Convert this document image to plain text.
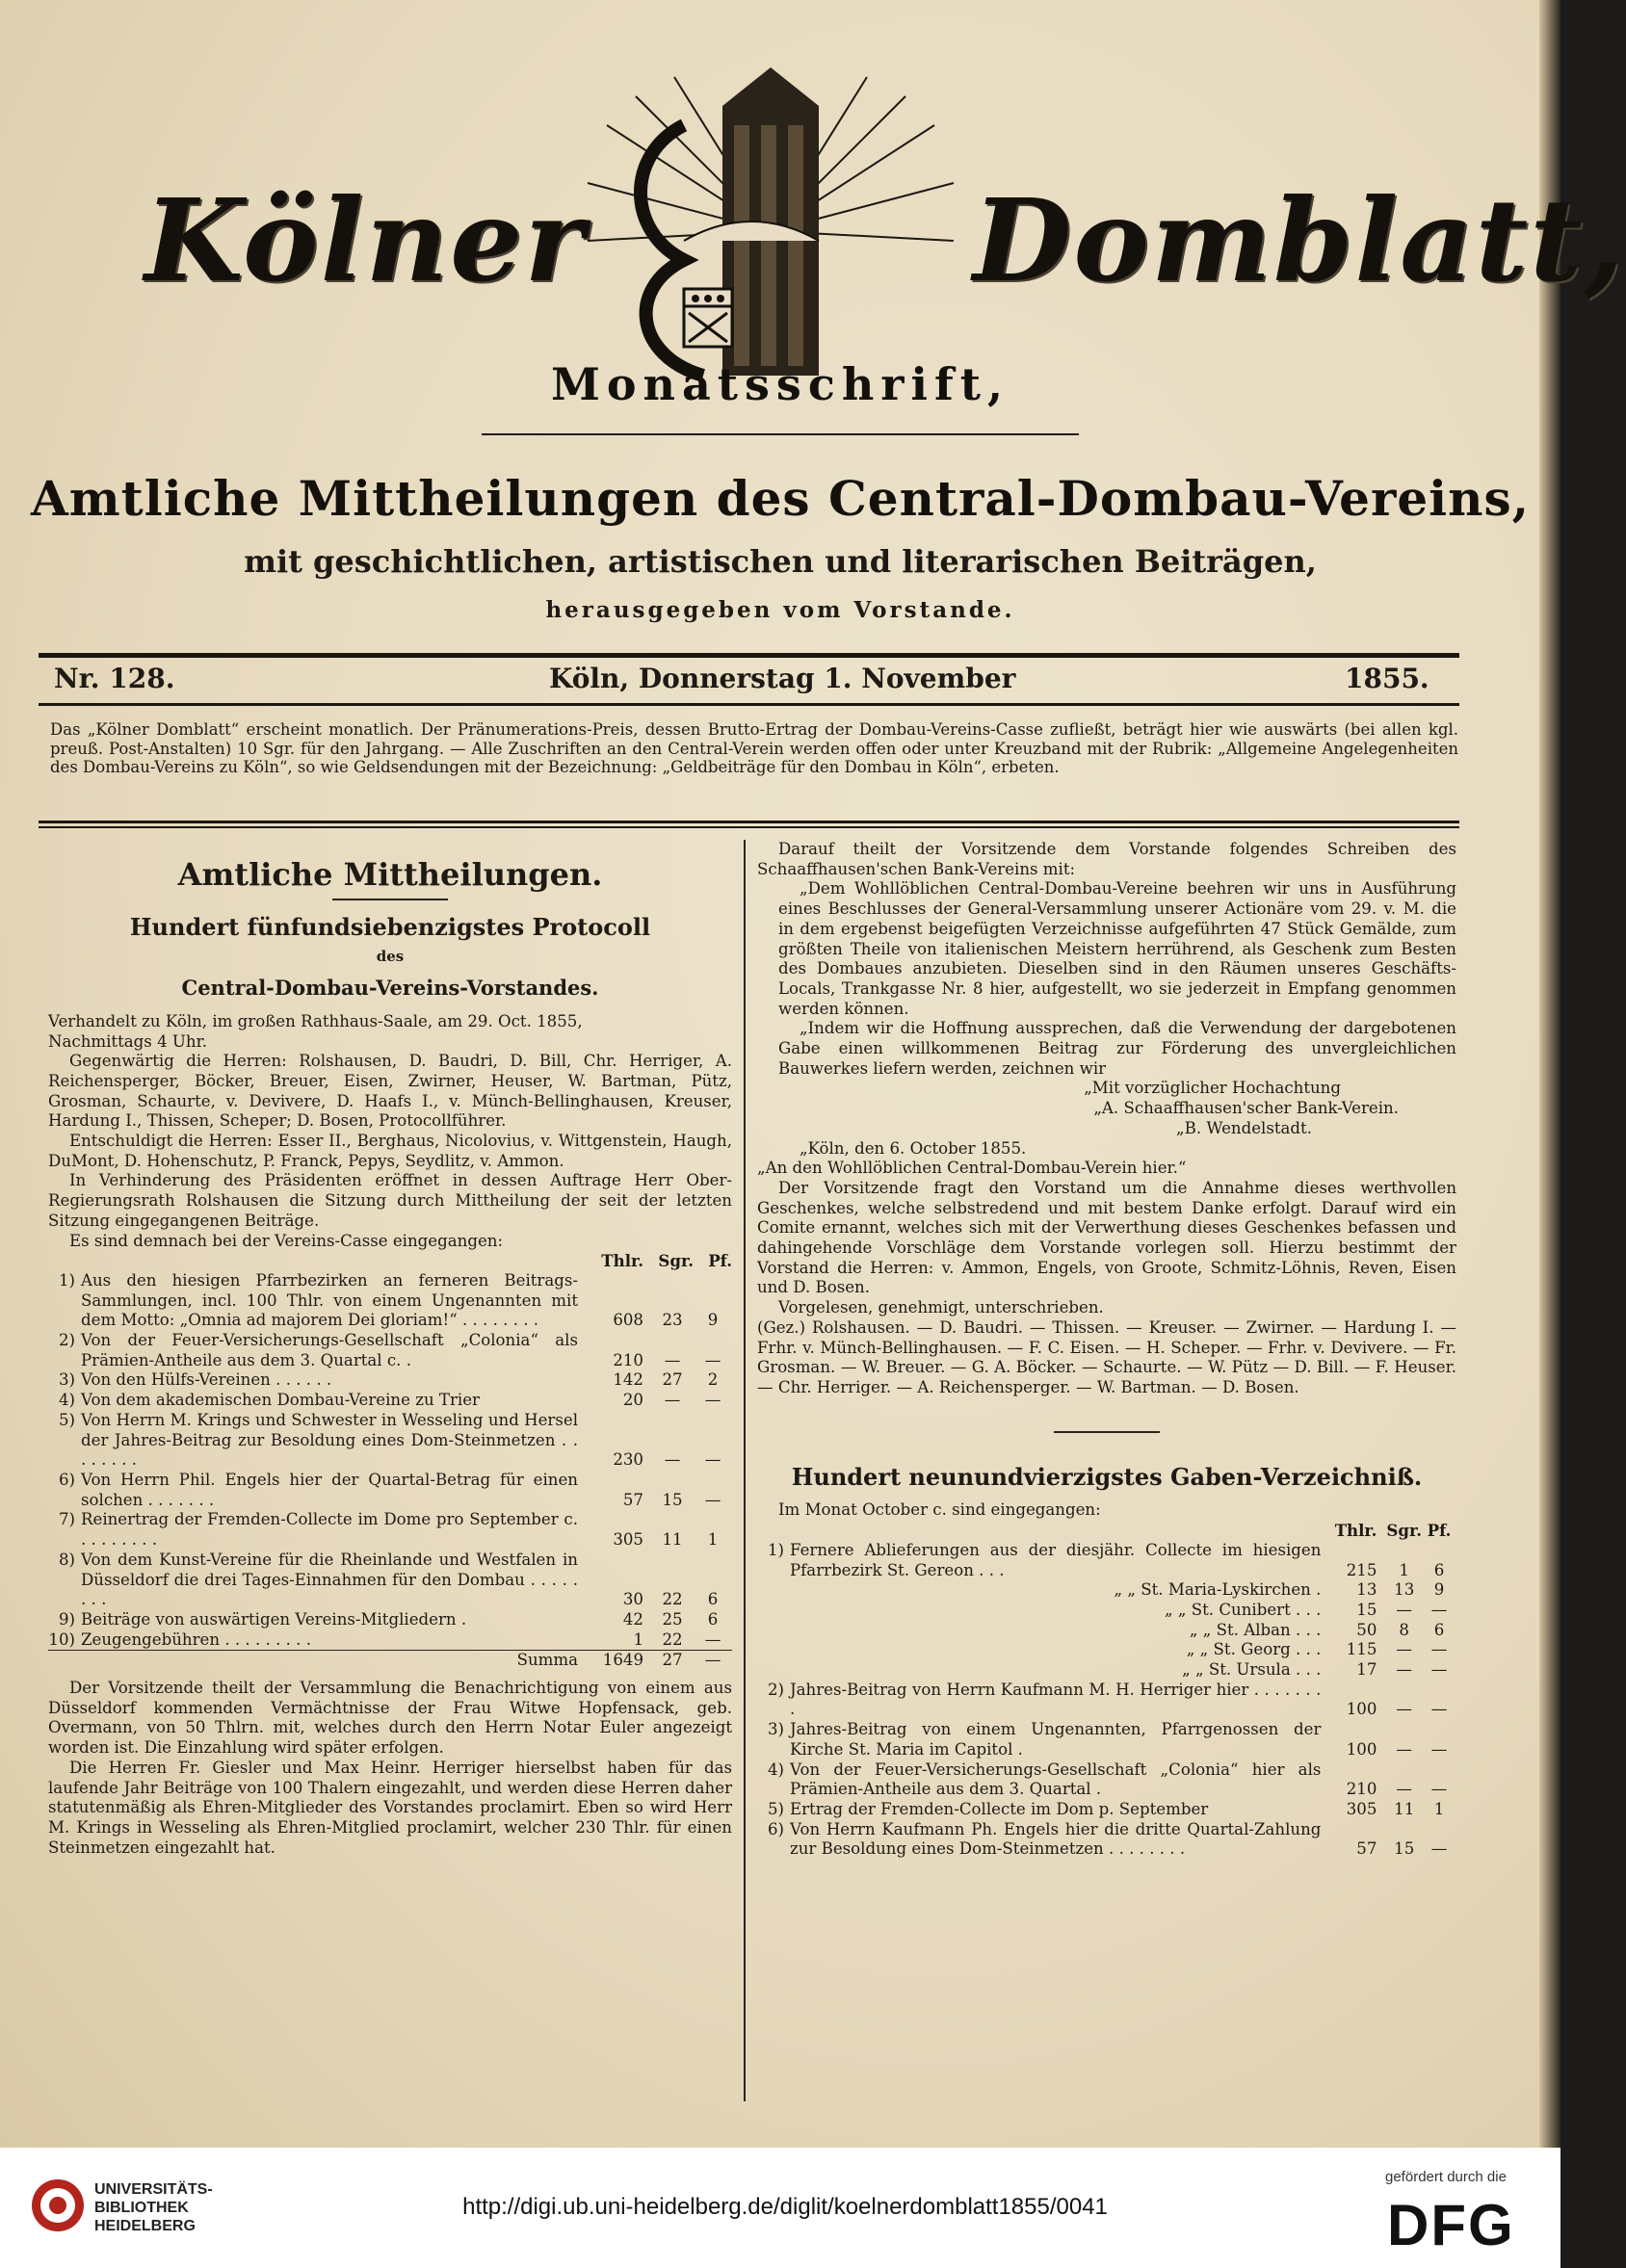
Kölner	Domblatt,
Monatsschrift,
Amtliche Mittheilungen des Central-Dombau-Vereins,
mit geschichtlichen, artistischen und literarischen Beiträgen,
herausgegeben vom Vorstande.
Nr. 128.	Köln, Donnerstag 1. November	1855.
Das „Kölner Domblatt“ erscheint monatlich. Der Pränumerations-Preis, dessen Brutto-Ertrag der Dombau-Vereins-Casse zufließt, beträgt hier wie auswärts (bei allen kgl. preuß. Post-Anstalten) 10 Sgr. für den Jahrgang. — Alle Zuschriften an den Central-Verein werden offen oder unter Kreuzband mit der Rubrik: „Allgemeine Angelegenheiten des Dombau-Vereins zu Köln“, so wie Geldsendungen mit der Bezeichnung: „Geldbeiträge für den Dombau in Köln“, erbeten.
Amtliche Mittheilungen.
Hundert fünfundsiebenzigstes Protocoll
des
Central-Dombau-Vereins-Vorstandes.

Verhandelt zu Köln, im großen Rathhaus-Saale, am 29. Oct. 1855,

Nachmittags 4 Uhr.

Gegenwärtig die Herren: Rolshausen, D. Baudri, D. Bill, Chr. Herriger, A. Reichensperger, Böcker, Breuer, Eisen, Zwirner, Heuser, W. Bartman, Pütz, Grosman, Schaurte, v. Devivere, D. Haafs I., v. Münch-Bellinghausen, Kreuser, Hardung I., Thissen, Scheper; D. Bosen, Protocollführer.

Entschuldigt die Herren: Esser II., Berghaus, Nicolovius, v. Wittgenstein, Haugh, DuMont, D. Hohenschutz, P. Franck, Pepys, Seydlitz, v. Ammon.

In Verhinderung des Präsidenten eröffnet in dessen Auftrage Herr Ober-Regierungsrath Rolshausen die Sitzung durch Mittheilung der seit der letzten Sitzung eingegangenen Beiträge.

Es sind demnach bei der Vereins-Casse eingegangen:

		Thlr.	Sgr.	Pf.
1)	Aus den hiesigen Pfarrbezirken an ferneren Beitrags-Sammlungen, incl. 100 Thlr. von einem Ungenannten mit dem Motto: „Omnia ad majorem Dei gloriam!“ . . . . . . . .	608	23	9
2)	Von der Feuer-Versicherungs-Gesellschaft „Colonia“ als Prämien-Antheile aus dem 3. Quartal c. .	210	—	—
3)	Von den Hülfs-Vereinen . . . . . .	142	27	2
4)	Von dem akademischen Dombau-Vereine zu Trier	20	—	—
5)	Von Herrn M. Krings und Schwester in Wesseling und Hersel der Jahres-Beitrag zur Besoldung eines Dom-Steinmetzen . . . . . . . .	230	—	—
6)	Von Herrn Phil. Engels hier der Quartal-Betrag für einen solchen . . . . . . .	57	15	—
7)	Reinertrag der Fremden-Collecte im Dome pro September c. . . . . . . . .	305	11	1
8)	Von dem Kunst-Vereine für die Rheinlande und Westfalen in Düsseldorf die drei Tages-Einnahmen für den Dombau . . . . . . . .	30	22	6
9)	Beiträge von auswärtigen Vereins-Mitgliedern .	42	25	6
10)	Zeugengebühren . . . . . . . . .	1	22	—
	Summa	1649	27	—

Der Vorsitzende theilt der Versammlung die Benachrichtigung von einem aus Düsseldorf kommenden Vermächtnisse der Frau Witwe Hopfensack, geb. Overmann, von 50 Thlrn. mit, welches durch den Herrn Notar Euler angezeigt worden ist. Die Einzahlung wird später erfolgen.

Die Herren Fr. Giesler und Max Heinr. Herriger hierselbst haben für das laufende Jahr Beiträge von 100 Thalern eingezahlt, und werden diese Herren daher statutenmäßig als Ehren-Mitglieder des Vorstandes proclamirt. Eben so wird Herr M. Krings in Wesseling als Ehren-Mitglied proclamirt, welcher 230 Thlr. für einen Steinmetzen eingezahlt hat.

Darauf theilt der Vorsitzende dem Vorstande folgendes Schreiben des Schaaffhausen'schen Bank-Vereins mit:

„Dem Wohllöblichen Central-Dombau-Vereine beehren wir uns in Ausführung eines Beschlusses der General-Versammlung unserer Actionäre vom 29. v. M. die in dem ergebenst beigefügten Verzeichnisse aufgeführten 47 Stück Gemälde, zum größten Theile von italienischen Meistern herrührend, als Geschenk zum Besten des Dombaues anzubieten. Dieselben sind in den Räumen unseres Geschäfts-Locals, Trankgasse Nr. 8 hier, aufgestellt, wo sie jederzeit in Empfang genommen werden können.

„Indem wir die Hoffnung aussprechen, daß die Verwendung der dargebotenen Gabe einen willkommenen Beitrag zur Förderung des unvergleichlichen Bauwerkes liefern werden, zeichnen wir

„Mit vorzüglicher Hochachtung
„A. Schaaffhausen'scher Bank-Verein.
„B. Wendelstadt.

„Köln, den 6. October 1855.

„An den Wohllöblichen Central-Dombau-Verein hier.“

Der Vorsitzende fragt den Vorstand um die Annahme dieses werthvollen Geschenkes, welche selbstredend und mit bestem Danke erfolgt. Darauf wird ein Comite ernannt, welches sich mit der Verwerthung dieses Geschenkes befassen und dahingehende Vorschläge dem Vorstande vorlegen soll. Hierzu bestimmt der Vorstand die Herren: v. Ammon, Engels, von Groote, Schmitz-Löhnis, Reven, Eisen und D. Bosen.

Vorgelesen, genehmigt, unterschrieben.

(Gez.) Rolshausen. — D. Baudri. — Thissen. — Kreuser. — Zwirner. — Hardung I. — Frhr. v. Münch-Bellinghausen. — F. C. Eisen. — H. Scheper. — Frhr. v. Devivere. — Fr. Grosman. — W. Breuer. — G. A. Böcker. — Schaurte. — W. Pütz — D. Bill. — F. Heuser. — Chr. Herriger. — A. Reichensperger. — W. Bartman. — D. Bosen.

Hundert neunundvierzigstes Gaben-Verzeichniß.

Im Monat October c. sind eingegangen:

		Thlr.	Sgr.	Pf.
1)	Fernere Ablieferungen aus der diesjähr. Collecte im hiesigen Pfarrbezirk St. Gereon . . .	215	1	6
	„ „ St. Maria-Lyskirchen .	13	13	9
	„ „ St. Cunibert . . .	15	—	—
	„ „ St. Alban . . .	50	8	6
	„ „ St. Georg . . .	115	—	—
	„ „ St. Ursula . . .	17	—	—
2)	Jahres-Beitrag von Herrn Kaufmann M. H. Herriger hier . . . . . . . .	100	—	—
3)	Jahres-Beitrag von einem Ungenannten, Pfarrgenossen der Kirche St. Maria im Capitol .	100	—	—
4)	Von der Feuer-Versicherungs-Gesellschaft „Colonia“ hier als Prämien-Antheile aus dem 3. Quartal .	210	—	—
5)	Ertrag der Fremden-Collecte im Dom p. September	305	11	1
6)	Von Herrn Kaufmann Ph. Engels hier die dritte Quartal-Zahlung zur Besoldung eines Dom-Steinmetzen . . . . . . . .	57	15	—
UNIVERSITÄTS-
BIBLIOTHEK
HEIDELBERG
http://digi.ub.uni-heidelberg.de/diglit/koelnerdomblatt1855/0041
gefördert durch die
DFG
